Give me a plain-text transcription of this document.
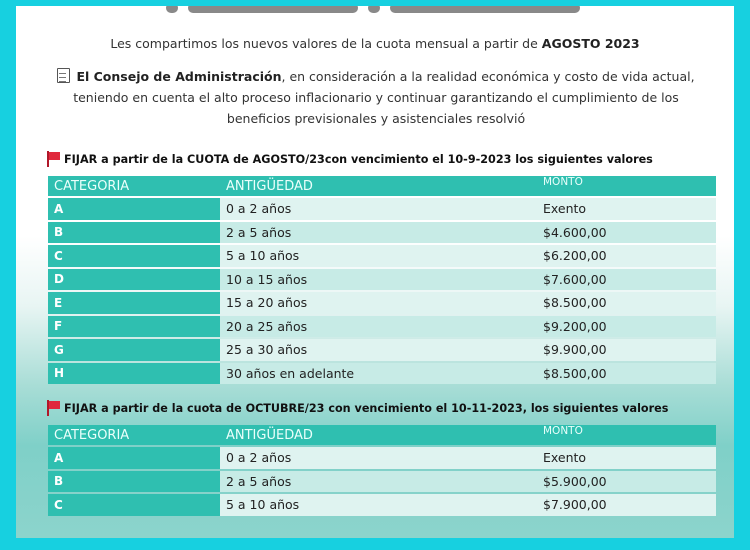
Les compartimos los nuevos valores de la cuota mensual a partir de AGOSTO 2023
El Consejo de Administración, en consideración a la realidad económica y costo de vida actual, teniendo en cuenta el alto proceso inflacionario y continuar garantizando el cumplimiento de los beneficios previsionales y asistenciales resolvió
FIJAR a partir de la CUOTA de AGOSTO/23con vencimiento el 10-9-2023 los siguientes valores
CATEGORIA	ANTIGÜEDAD	MONTO
A	0 a 2 años	Exento
B	2 a 5 años	$4.600,00
C	5 a 10 años	$6.200,00
D	10 a 15 años	$7.600,00
E	15 a 20 años	$8.500,00
F	20 a 25 años	$9.200,00
G	25 a 30 años	$9.900,00
H	30 años en adelante	$8.500,00
FIJAR a partir de la cuota de OCTUBRE/23 con vencimiento el 10-11-2023, los siguientes valores
CATEGORIA	ANTIGÜEDAD	MONTO
A	0 a 2 años	Exento
B	2 a 5 años	$5.900,00
C	5 a 10 años	$7.900,00
